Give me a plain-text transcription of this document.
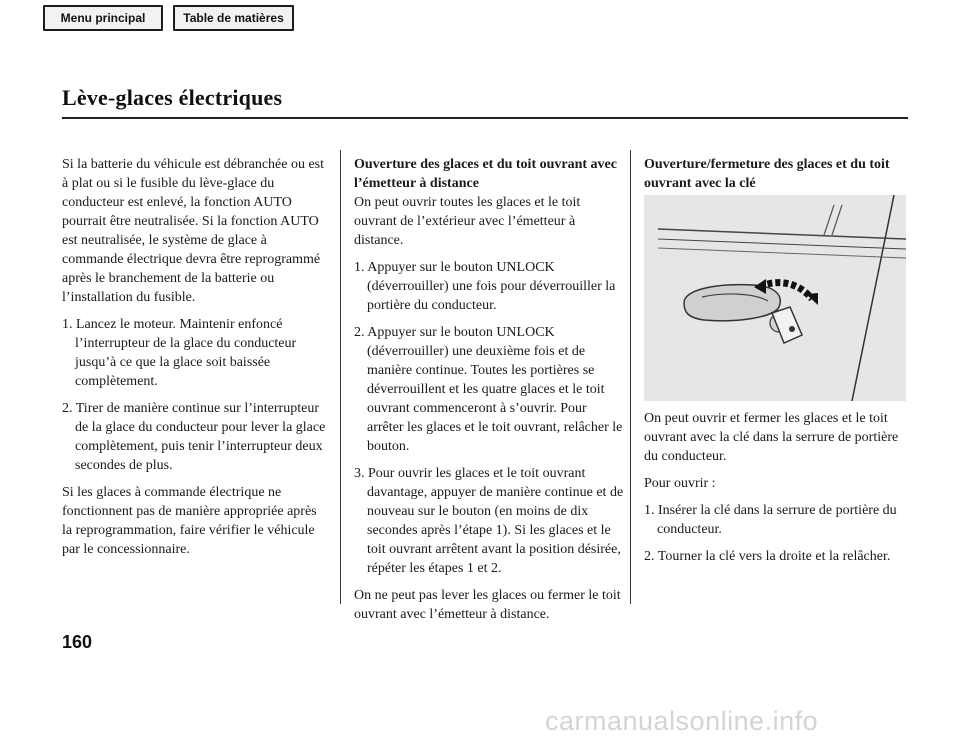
Menu principal	Table de matières
Lève-glaces électriques

Si la batterie du véhicule est débranchée ou est à plat ou si le fusible du lève-glace du conducteur est enlevé, la fonction AUTO pourrait être neutralisée. Si la fonction AUTO est neutralisée, le système de glace à commande électrique devra être reprogrammé après le branchement de la batterie ou l’installation du fusible.

1. Lancez le moteur. Maintenir enfoncé l’interrupteur de la glace du conducteur jusqu’à ce que la glace soit baissée complètement.
2. Tirer de manière continue sur l’interrupteur de la glace du conducteur pour lever la glace complètement, puis tenir l’interrupteur deux secondes de plus.

Si les glaces à commande électrique ne fonctionnent pas de manière appropriée après la reprogrammation, faire vérifier le véhicule par le concessionnaire.

Ouverture des glaces et du toit ouvrant avec l’émetteur à distance

On peut ouvrir toutes les glaces et le toit ouvrant de l’extérieur avec l’émetteur à distance.

1. Appuyer sur le bouton UNLOCK (déverrouiller) une fois pour déverrouiller la portière du conducteur.
2. Appuyer sur le bouton UNLOCK (déverrouiller) une deuxième fois et de manière continue. Toutes les portières se déverrouillent et les quatre glaces et le toit ouvrant commenceront à s’ouvrir. Pour arrêter les glaces et le toit ouvrant, relâcher le bouton.
3. Pour ouvrir les glaces et le toit ouvrant davantage, appuyer de manière continue et de nouveau sur le bouton (en moins de dix secondes après l’étape 1). Si les glaces et le toit ouvrant arrêtent avant la position désirée, répéter les étapes 1 et 2.

On ne peut pas lever les glaces ou fermer le toit ouvrant avec l’émetteur à distance.

Ouverture/fermeture des glaces et du toit ouvrant avec la clé

On peut ouvrir et fermer les glaces et le toit ouvrant avec la clé dans la serrure de portière du conducteur.

Pour ouvrir :

1. Insérer la clé dans la serrure de portière du conducteur.
2. Tourner la clé vers la droite et la relâcher.
160
carmanualsonline.info
